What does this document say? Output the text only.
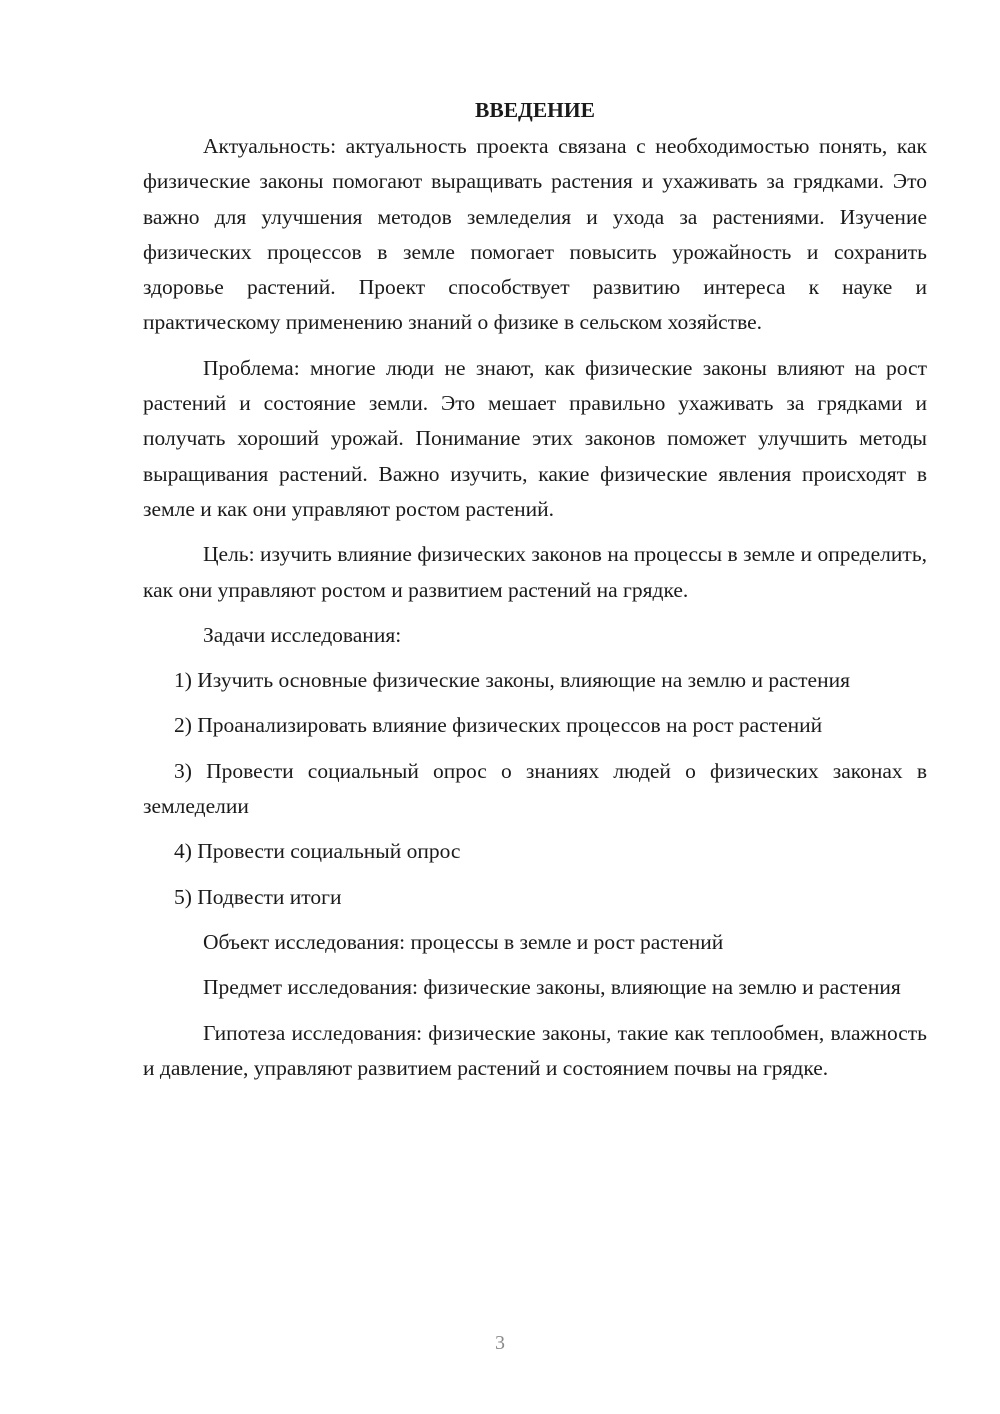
ВВЕДЕНИЕ

Актуальность: актуальность проекта связана с необходимостью понять, как физические законы помогают выращивать растения и ухаживать за грядками. Это важно для улучшения методов земледелия и ухода за растениями. Изучение физических процессов в земле помогает повысить урожайность и сохранить здоровье растений. Проект способствует развитию интереса к науке и практическому применению знаний о физике в сельском хозяйстве.

Проблема: многие люди не знают, как физические законы влияют на рост растений и состояние земли. Это мешает правильно ухаживать за грядками и получать хороший урожай. Понимание этих законов поможет улучшить методы выращивания растений. Важно изучить, какие физические явления происходят в земле и как они управляют ростом растений.

Цель: изучить влияние физических законов на процессы в земле и определить, как они управляют ростом и развитием растений на грядке.

Задачи исследования:

1) Изучить основные физические законы, влияющие на землю и растения

2) Проанализировать влияние физических процессов на рост растений

3) Провести социальный опрос о знаниях людей о физических законах в земледелии

4) Провести социальный опрос

5) Подвести итоги

Объект исследования: процессы в земле и рост растений

Предмет исследования: физические законы, влияющие на землю и растения

Гипотеза исследования: физические законы, такие как теплообмен, влажность и давление, управляют развитием растений и состоянием почвы на грядке.

3
